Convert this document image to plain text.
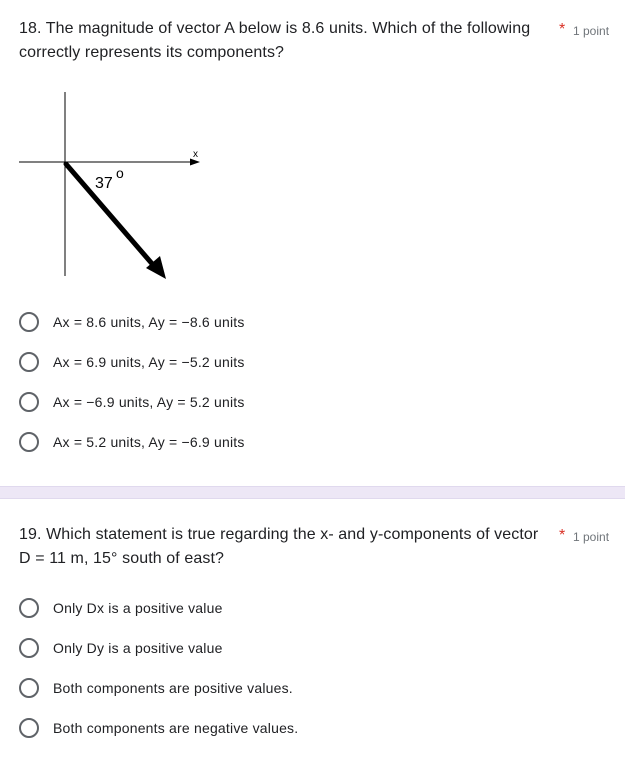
18. The magnitude of vector A below is 8.6 units. Which of the following correctly represents its components?
* 1 point
x
37
o
Ax = 8.6 units, Ay = −8.6 units
Ax = 6.9 units, Ay = −5.2 units
Ax = −6.9 units, Ay = 5.2 units
Ax = 5.2 units, Ay = −6.9 units
19. Which statement is true regarding the x- and y-components of vector D = 11 m, 15° south of east?
* 1 point
Only Dx is a positive value
Only Dy is a positive value
Both components are positive values.
Both components are negative values.
